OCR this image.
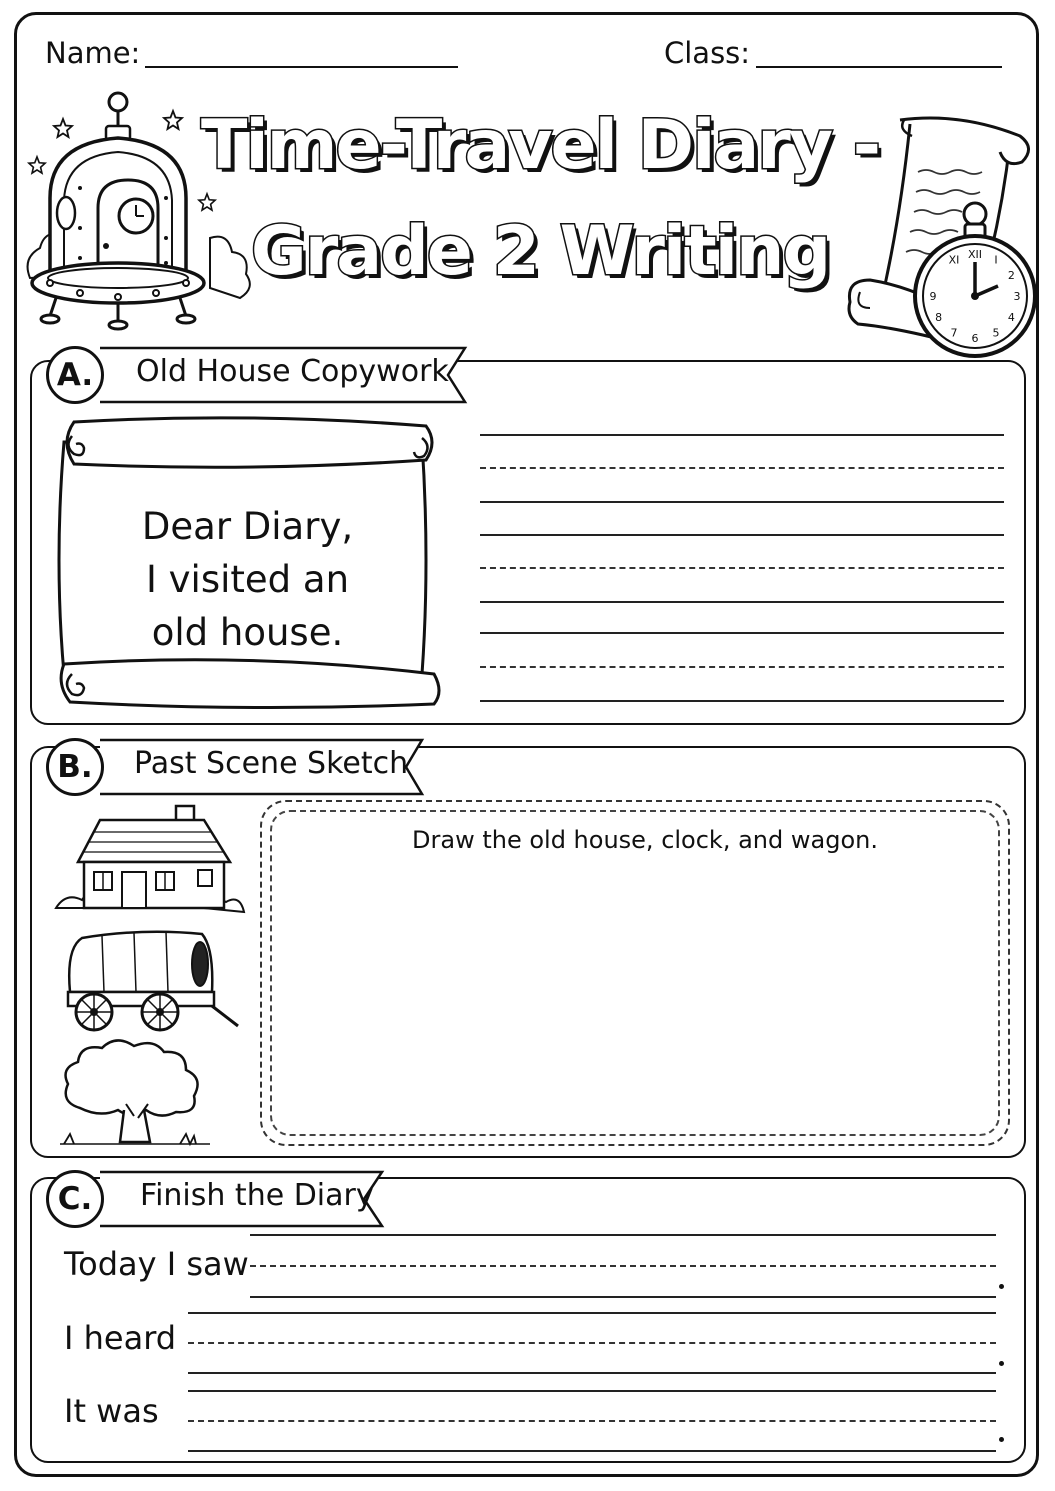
Name:	Class:
Time-Travel Diary -
Grade 2 Writing	XII
XI	I
2
3
4
5
6
7
8
9
A.	Old House Copywork
Dear Diary,
I visited an
old house.
B.	Past Scene Sketch
Draw the old house, clock, and wagon.
C.	Finish the Diary
Today I saw
I heard
It was
